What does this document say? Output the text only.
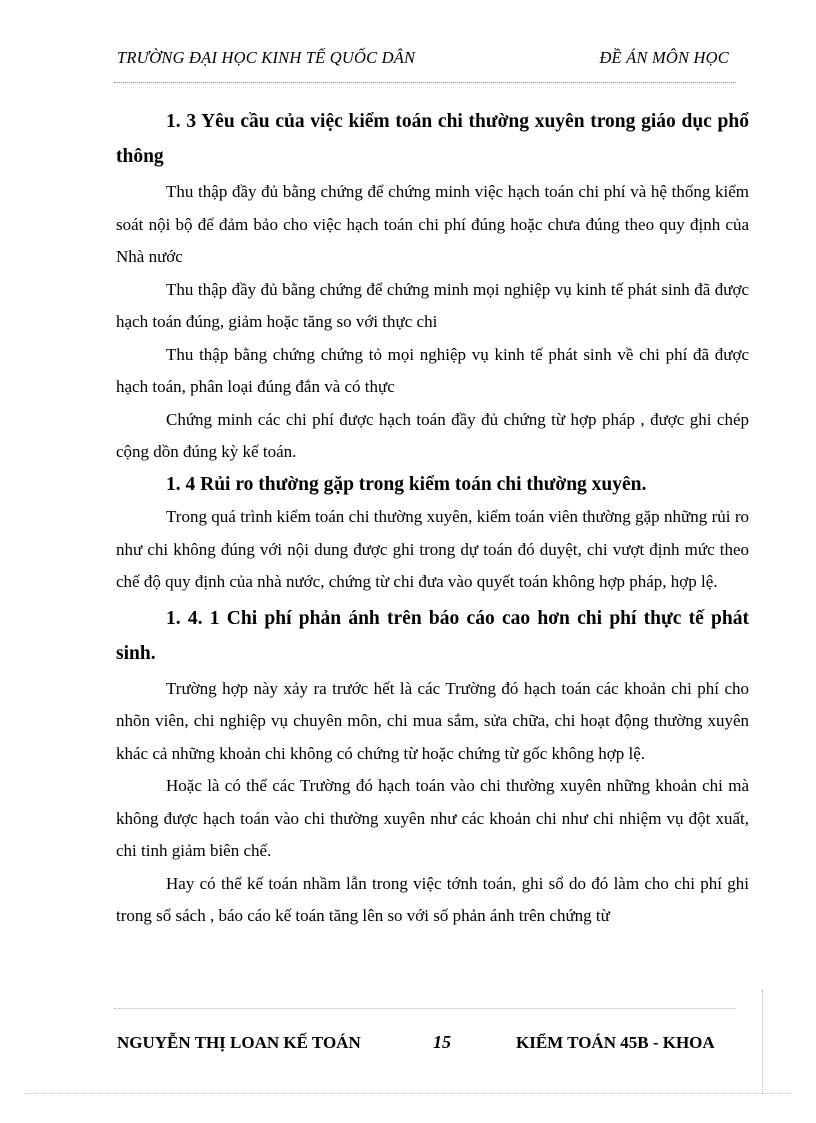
TRƯỜNG ĐẠI HỌC KINH TẾ QUỐC DÂN	ĐỀ ÁN MÔN HỌC

1. 3 Yêu cầu của việc kiểm toán chi thường xuyên trong giáo dục phổ thông

Thu thập đầy đủ bằng chứng để chứng minh việc hạch toán chi phí và hệ thống kiểm soát nội bộ để đảm bảo cho việc hạch toán chi phí đúng hoặc chưa đúng theo quy định của Nhà nước

Thu thập đầy đủ bằng chứng để chứng minh mọi nghiệp vụ kinh tế phát sinh đã được hạch toán đúng, giảm hoặc tăng so với thực chi

Thu thập bằng chứng chứng tỏ mọi nghiệp vụ kinh tế phát sinh về chi phí đã được hạch toán, phân loại đúng đắn và có thực

Chứng minh các chi phí được hạch toán đầy đủ chứng từ hợp pháp , được ghi chép cộng dồn đúng kỳ kế toán.

1. 4 Rủi ro thường gặp trong kiểm toán chi thường xuyên.

Trong quá trình kiểm toán chi thường xuyên, kiểm toán viên thường gặp những rủi ro như chi không đúng với nội dung được ghi trong dự toán đó duyệt, chi vượt định mức theo chế độ quy định của nhà nước, chứng từ chi đưa vào quyết toán không hợp pháp, hợp lệ.

1. 4. 1 Chi phí phản ánh trên báo cáo cao hơn chi phí thực tế phát sinh.

Trường hợp này xảy ra trước hết là các Trường đó hạch toán các khoản chi phí cho nhõn viên, chi nghiệp vụ chuyên môn, chi mua sắm, sửa chữa, chi hoạt động thường xuyên khác cả những khoản chi không có chứng từ hoặc chứng từ gốc không hợp lệ.

Hoặc là có thể các Trường đó hạch toán vào chi thường xuyên những khoản chi mà không được hạch toán vào chi thường xuyên như các khoản chi như chi nhiệm vụ đột xuất, chi tinh giảm biên chế.

Hay có thể kế toán nhầm lẫn trong việc tớnh toán, ghi sổ do đó làm cho chi phí ghi trong sổ sách , báo cáo kế toán tăng lên so với số phản ánh trên chứng từ

NGUYỄN THỊ LOAN KẾ TOÁN	15	KIỂM TOÁN 45B - KHOA
